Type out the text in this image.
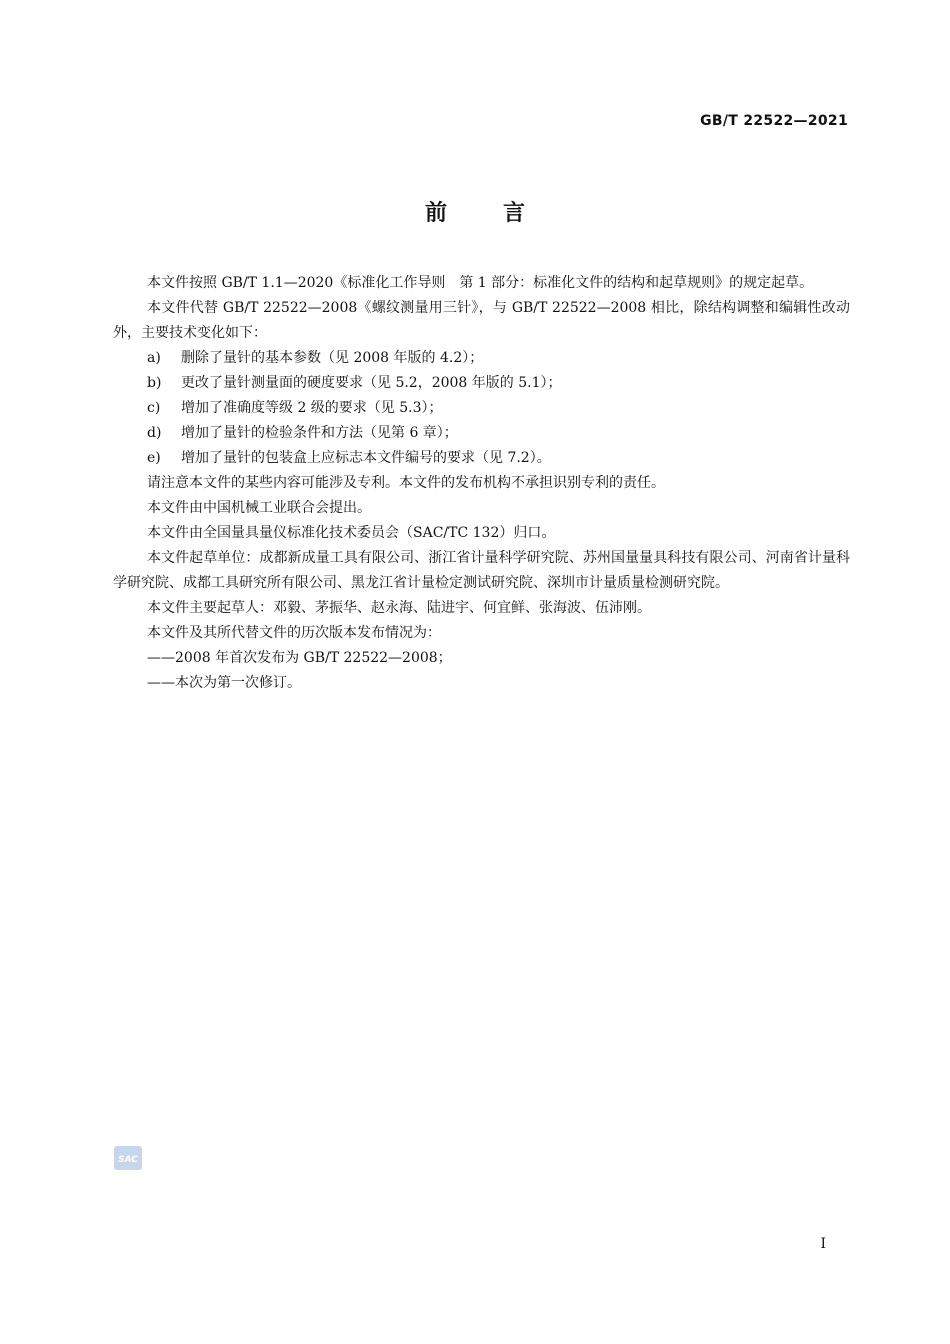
GB/T 22522—2021
前言

本文件按照 GB/T 1.1—2020《标准化工作导则　第 1 部分：标准化文件的结构和起草规则》的规定起草。

本文件代替 GB/T 22522—2008《螺纹测量用三针》，与 GB/T 22522—2008 相比，除结构调整和编辑性改动外，主要技术变化如下：

a) 删除了量针的基本参数（见 2008 年版的 4.2）；

b) 更改了量针测量面的硬度要求（见 5.2，2008 年版的 5.1）；

c) 增加了准确度等级 2 级的要求（见 5.3）；

d) 增加了量针的检验条件和方法（见第 6 章）；

e) 增加了量针的包装盒上应标志本文件编号的要求（见 7.2）。

请注意本文件的某些内容可能涉及专利。本文件的发布机构不承担识别专利的责任。

本文件由中国机械工业联合会提出。

本文件由全国量具量仪标准化技术委员会（SAC/TC 132）归口。

本文件起草单位：成都新成量工具有限公司、浙江省计量科学研究院、苏州国量量具科技有限公司、河南省计量科学研究院、成都工具研究所有限公司、黑龙江省计量检定测试研究院、深圳市计量质量检测研究院。

本文件主要起草人：邓毅、茅振华、赵永海、陆进宇、何宜鲜、张海波、伍沛刚。

本文件及其所代替文件的历次版本发布情况为：

——2008 年首次发布为 GB/T 22522—2008；

——本次为第一次修订。

SAC
I
